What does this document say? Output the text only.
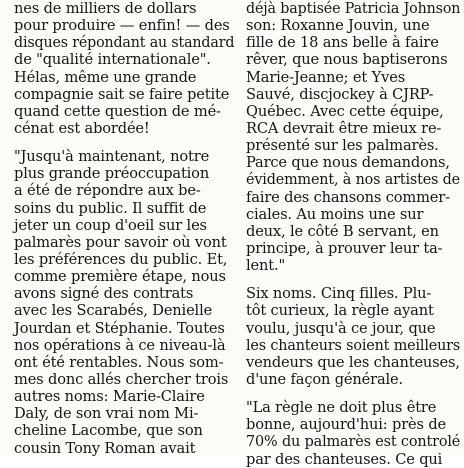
nes de milliers de dollars
pour produire — enfin! — des
disques répondant au standard
de "qualité internationale".
Hélas, même une grande
compagnie sait se faire petite
quand cette question de mé-
cénat est abordée!
"Jusqu'à maintenant, notre
plus grande préoccupation
a été de répondre aux be-
soins du public. Il suffit de
jeter un coup d'oeil sur les
palmarès pour savoir où vont
les préférences du public. Et,
comme première étape, nous
avons signé des contrats
avec les Scarabés, Denielle
Jourdan et Stéphanie. Toutes
nos opérations à ce niveau-là
ont été rentables. Nous som-
mes donc allés chercher trois
autres noms: Marie-Claire
Daly, de son vrai nom Mi-
cheline Lacombe, que son
cousin Tony Roman avait
déjà baptisée Patricia Johnson
son: Roxanne Jouvin, une
fille de 18 ans belle à faire
rêver, que nous baptiserons
Marie-Jeanne; et Yves
Sauvé, discjockey à CJRP-
Québec. Avec cette équipe,
RCA devrait être mieux re-
présenté sur les palmarès.
Parce que nous demandons,
évidemment, à nos artistes de
faire des chansons commer-
ciales. Au moins une sur
deux, le côté B servant, en
principe, à prouver leur ta-
lent."
Six noms. Cinq filles. Plu-
tôt curieux, la règle ayant
voulu, jusqu'à ce jour, que
les chanteurs soient meilleurs
vendeurs que les chanteuses,
d'une façon générale.
"La règle ne doit plus être
bonne, aujourd'hui: près de
70% du palmarès est controlé
par des chanteuses. Ce qui
